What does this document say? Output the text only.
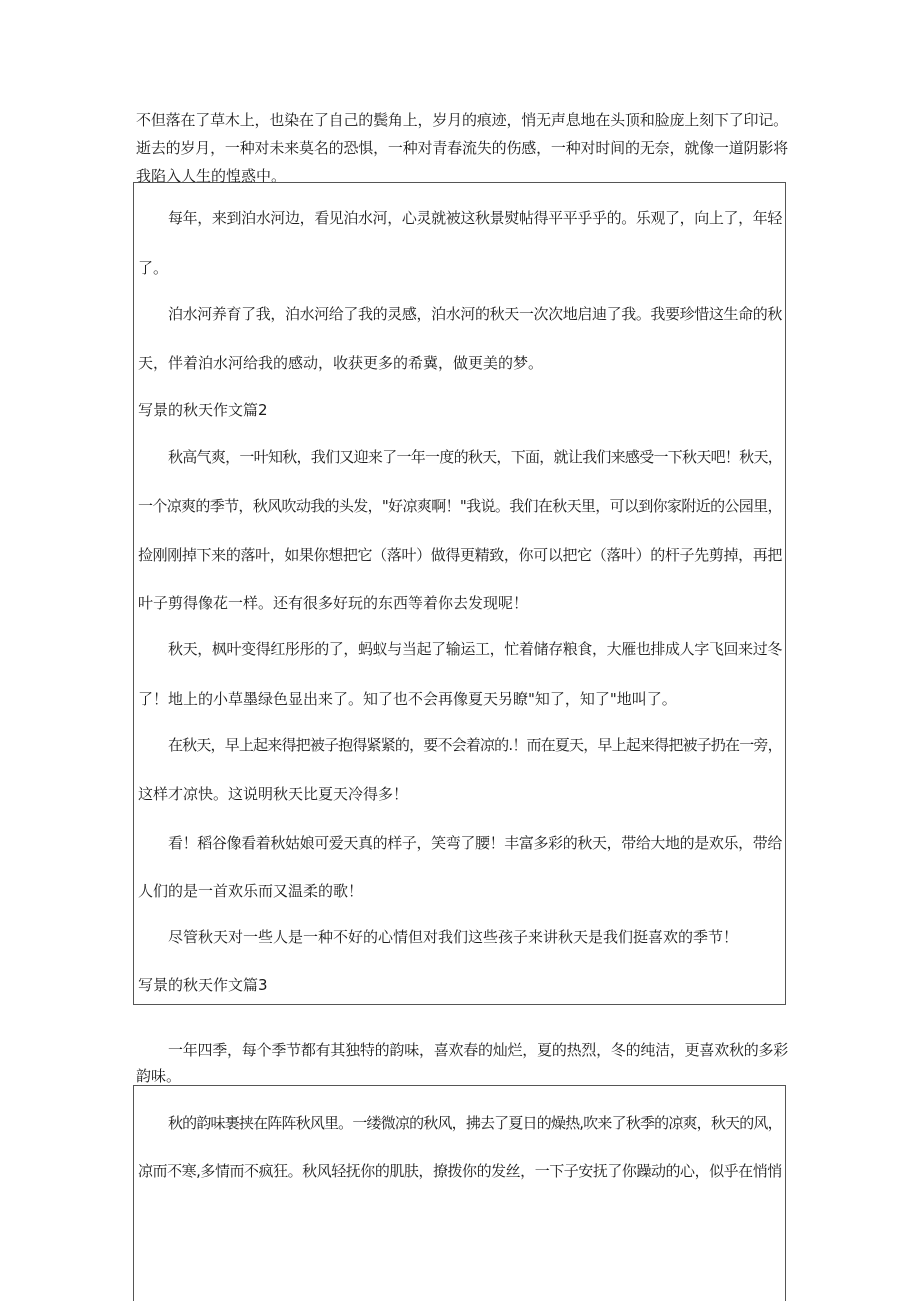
不但落在了草木上，也染在了自己的鬓角上，岁月的痕迹，悄无声息地在头顶和脸庞上刻下了印记。
逝去的岁月，一种对未来莫名的恐惧，一种对青春流失的伤感，一种对时间的无奈，就像一道阴影将
我陷入人生的惶惑中。
每年，来到泊水河边，看见泊水河，心灵就被这秋景熨帖得平平乎乎的。乐观了，向上了，年轻
了。
泊水河养育了我，泊水河给了我的灵感，泊水河的秋天一次次地启迪了我。我要珍惜这生命的秋
天，伴着泊水河给我的感动，收获更多的希冀，做更美的梦。
写景的秋天作文篇2
秋高气爽，一叶知秋，我们又迎来了一年一度的秋天，下面，就让我们来感受一下秋天吧！秋天，
一个凉爽的季节，秋风吹动我的头发，"好凉爽啊！"我说。我们在秋天里，可以到你家附近的公园里，
捡刚刚掉下来的落叶，如果你想把它（落叶）做得更精致，你可以把它（落叶）的杆子先剪掉，再把
叶子剪得像花一样。还有很多好玩的东西等着你去发现呢！
秋天，枫叶变得红彤彤的了，蚂蚁与当起了输运工，忙着储存粮食，大雁也排成人字飞回来过冬
了！地上的小草墨绿色显出来了。知了也不会再像夏天另瞭"知了，知了"地叫了。
在秋天，早上起来得把被子抱得紧紧的，要不会着凉的.！而在夏天，早上起来得把被子扔在一旁，
这样才凉快。这说明秋天比夏天冷得多！
看！稻谷像看着秋姑娘可爱天真的样子，笑弯了腰！丰富多彩的秋天，带给大地的是欢乐，带给
人们的是一首欢乐而又温柔的歌！
尽管秋天对一些人是一种不好的心情但对我们这些孩子来讲秋天是我们挺喜欢的季节！
写景的秋天作文篇3
一年四季，每个季节都有其独特的韵味，喜欢春的灿烂，夏的热烈，冬的纯洁，更喜欢秋的多彩
韵味。
秋的韵味裹挟在阵阵秋风里。一缕微凉的秋风，拂去了夏日的燥热,吹来了秋季的凉爽，秋天的风，
凉而不寒,多情而不疯狂。秋风轻抚你的肌肤，撩拨你的发丝，一下子安抚了你躁动的心，似乎在悄悄
